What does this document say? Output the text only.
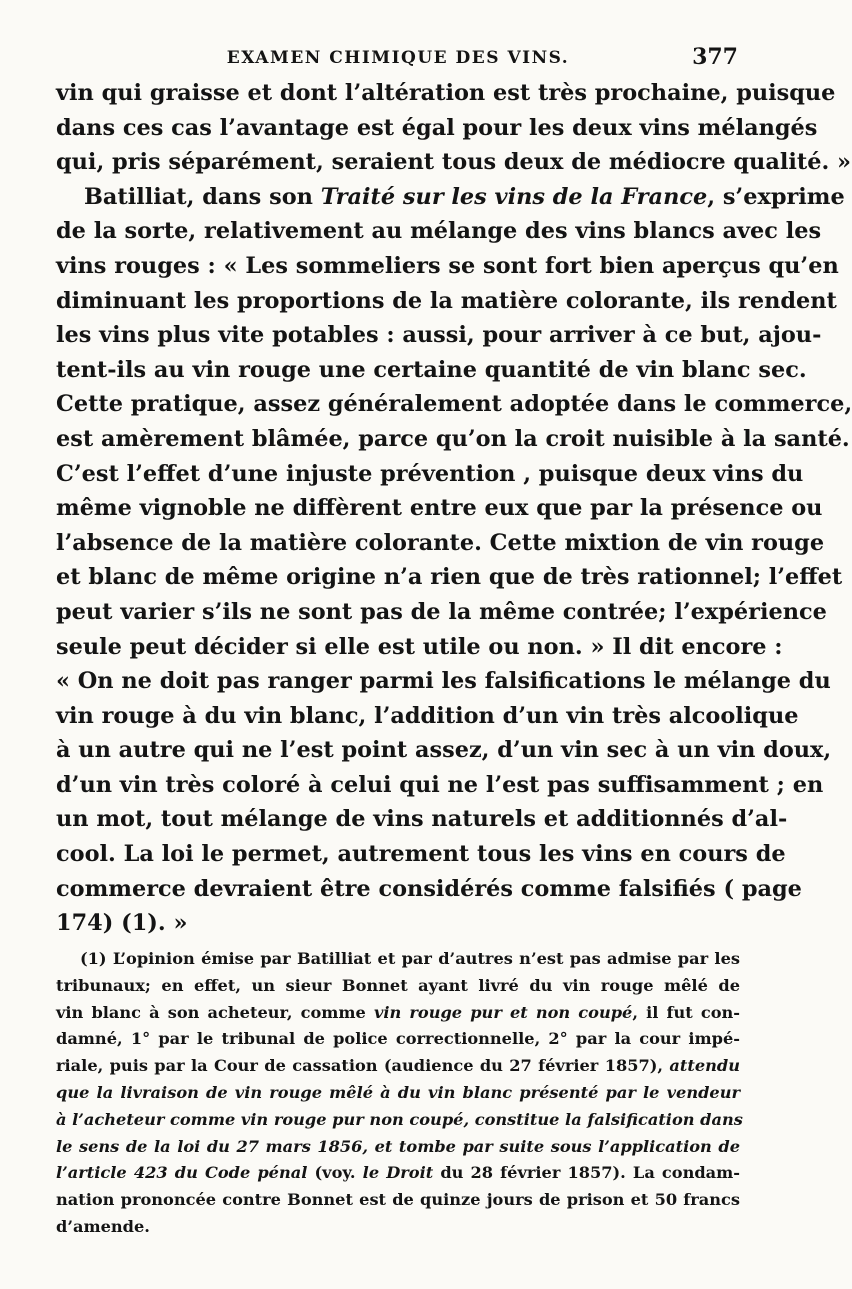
EXAMEN CHIMIQUE DES VINS.	377
vin qui graisse et dont l’altération est très prochaine, puisque
dans ces cas l’avantage est égal pour les deux vins mélangés
qui, pris séparément, seraient tous deux de médiocre qualité. »
Batilliat, dans son Traité sur les vins de la France, s’exprime
de la sorte, relativement au mélange des vins blancs avec les
vins rouges : « Les sommeliers se sont fort bien aperçus qu’en
diminuant les proportions de la matière colorante, ils rendent
les vins plus vite potables : aussi, pour arriver à ce but, ajou-
tent-ils au vin rouge une certaine quantité de vin blanc sec.
Cette pratique, assez généralement adoptée dans le commerce,
est amèrement blâmée, parce qu’on la croit nuisible à la santé.
C’est l’effet d’une injuste prévention , puisque deux vins du
même vignoble ne diffèrent entre eux que par la présence ou
l’absence de la matière colorante. Cette mixtion de vin rouge
et blanc de même origine n’a rien que de très rationnel; l’effet
peut varier s’ils ne sont pas de la même contrée; l’expérience
seule peut décider si elle est utile ou non. » Il dit encore :
« On ne doit pas ranger parmi les falsifications le mélange du
vin rouge à du vin blanc, l’addition d’un vin très alcoolique
à un autre qui ne l’est point assez, d’un vin sec à un vin doux,
d’un vin très coloré à celui qui ne l’est pas suffisamment ; en
un mot, tout mélange de vins naturels et additionnés d’al-
cool. La loi le permet, autrement tous les vins en cours de
commerce devraient être considérés comme falsifiés ( page
174) (1). »
(1) L’opinion émise par Batilliat et par d’autres n’est pas admise par les
tribunaux; en effet, un sieur Bonnet ayant livré du vin rouge mêlé de
vin blanc à son acheteur, comme vin rouge pur et non coupé, il fut con-
damné, 1° par le tribunal de police correctionnelle, 2° par la cour impé-
riale, puis par la Cour de cassation (audience du 27 février 1857), attendu
que la livraison de vin rouge mêlé à du vin blanc présenté par le vendeur
à l’acheteur comme vin rouge pur non coupé, constitue la falsification dans
le sens de la loi du 27 mars 1856, et tombe par suite sous l’application de
l’article 423 du Code pénal (voy. le Droit du 28 février 1857). La condam-
nation prononcée contre Bonnet est de quinze jours de prison et 50 francs
d’amende.
